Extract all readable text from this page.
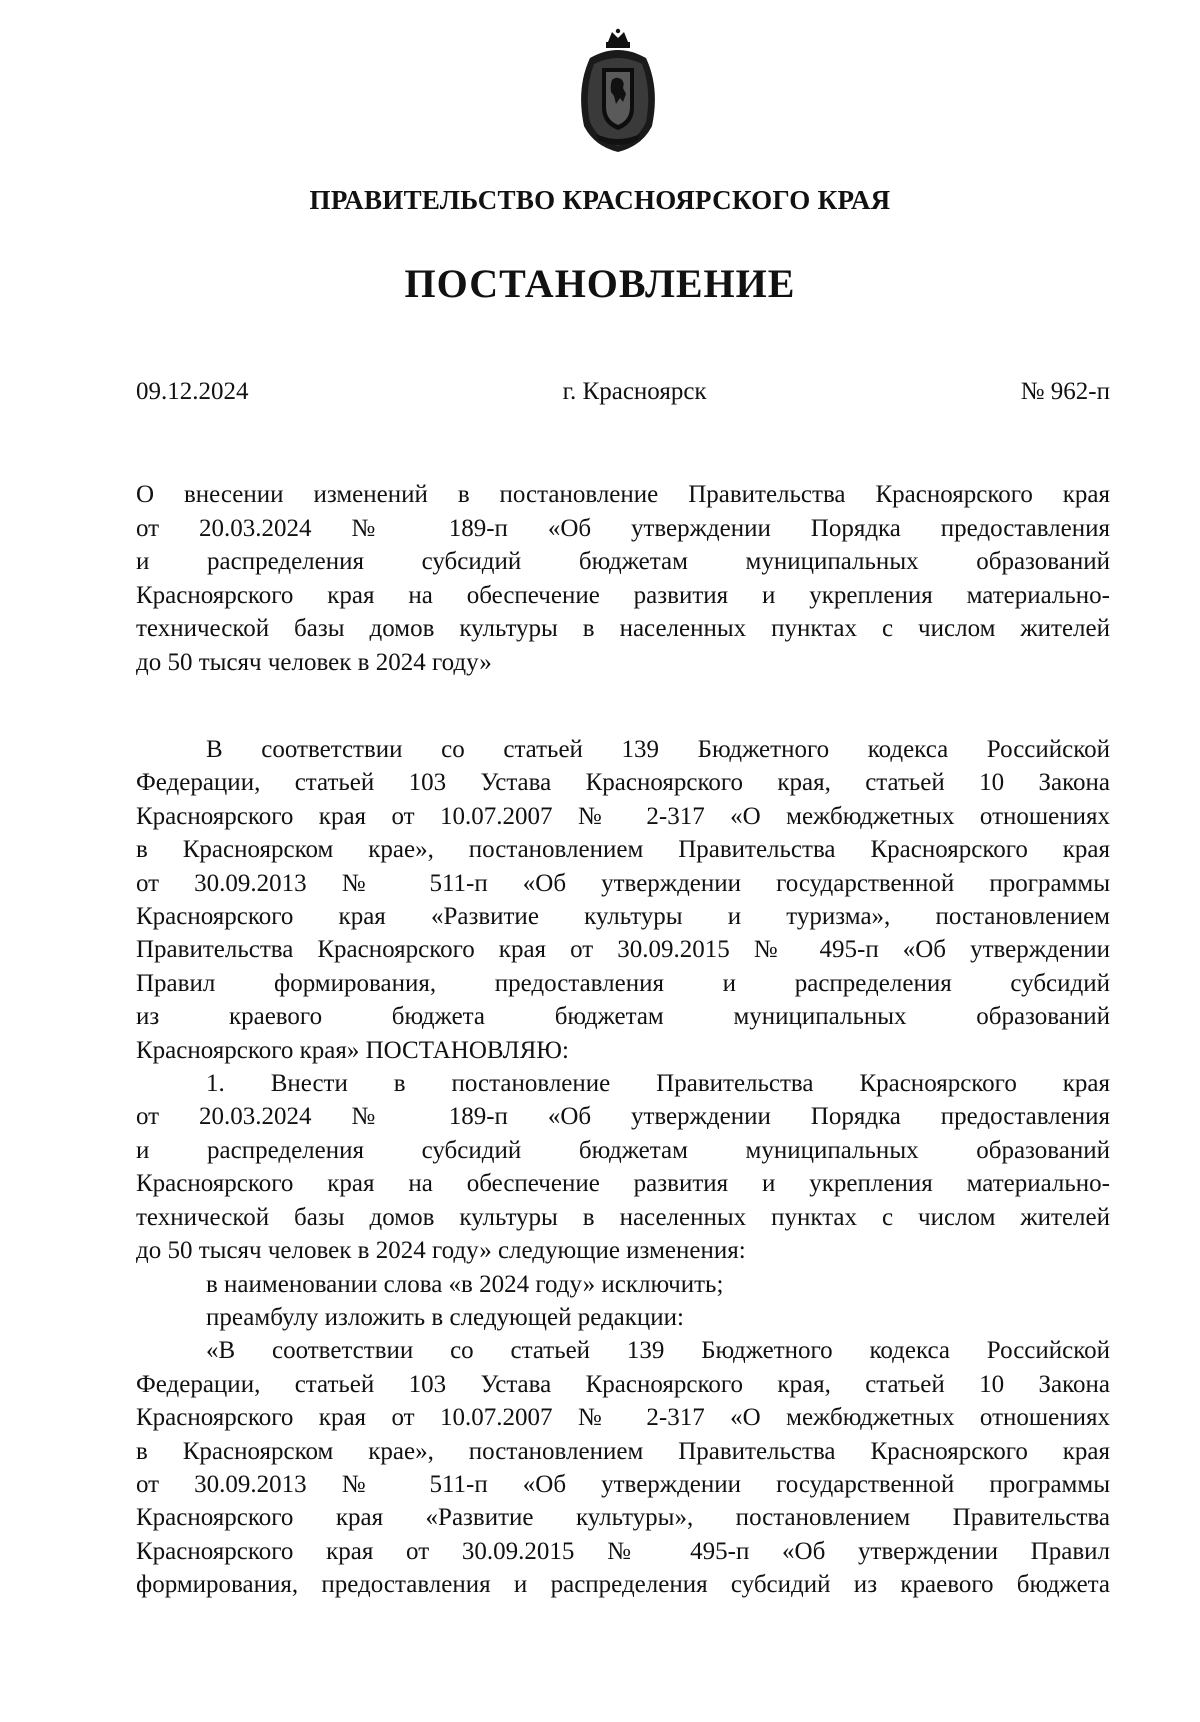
ПРАВИТЕЛЬСТВО КРАСНОЯРСКОГО КРАЯ
ПОСТАНОВЛЕНИЕ
09.12.2024	г. Красноярск	№ 962-п
О внесении изменений в постановление Правительства Красноярского края
от 20.03.2024 № 189-п «Об утверждении Порядка предоставления
и распределения субсидий бюджетам муниципальных образований
Красноярского края на обеспечение развития и укрепления материально-
технической базы домов культуры в населенных пунктах с числом жителей
до 50 тысяч человек в 2024 году»
В соответствии со статьей 139 Бюджетного кодекса Российской
Федерации, статьей 103 Устава Красноярского края, статьей 10 Закона
Красноярского края от 10.07.2007 № 2-317 «О межбюджетных отношениях
в Красноярском крае», постановлением Правительства Красноярского края
от 30.09.2013 № 511-п «Об утверждении государственной программы
Красноярского края «Развитие культуры и туризма», постановлением
Правительства Красноярского края от 30.09.2015 № 495-п «Об утверждении
Правил формирования, предоставления и распределения субсидий
из краевого бюджета бюджетам муниципальных образований
Красноярского края» ПОСТАНОВЛЯЮ:
1. Внести в постановление Правительства Красноярского края
от 20.03.2024 № 189-п «Об утверждении Порядка предоставления
и распределения субсидий бюджетам муниципальных образований
Красноярского края на обеспечение развития и укрепления материально-
технической базы домов культуры в населенных пунктах с числом жителей
до 50 тысяч человек в 2024 году» следующие изменения:
в наименовании слова «в 2024 году» исключить;
преамбулу изложить в следующей редакции:
«В соответствии со статьей 139 Бюджетного кодекса Российской
Федерации, статьей 103 Устава Красноярского края, статьей 10 Закона
Красноярского края от 10.07.2007 № 2-317 «О межбюджетных отношениях
в Красноярском крае», постановлением Правительства Красноярского края
от 30.09.2013 № 511-п «Об утверждении государственной программы
Красноярского края «Развитие культуры», постановлением Правительства
Красноярского края от 30.09.2015 № 495-п «Об утверждении Правил
формирования, предоставления и распределения субсидий из краевого бюджета
